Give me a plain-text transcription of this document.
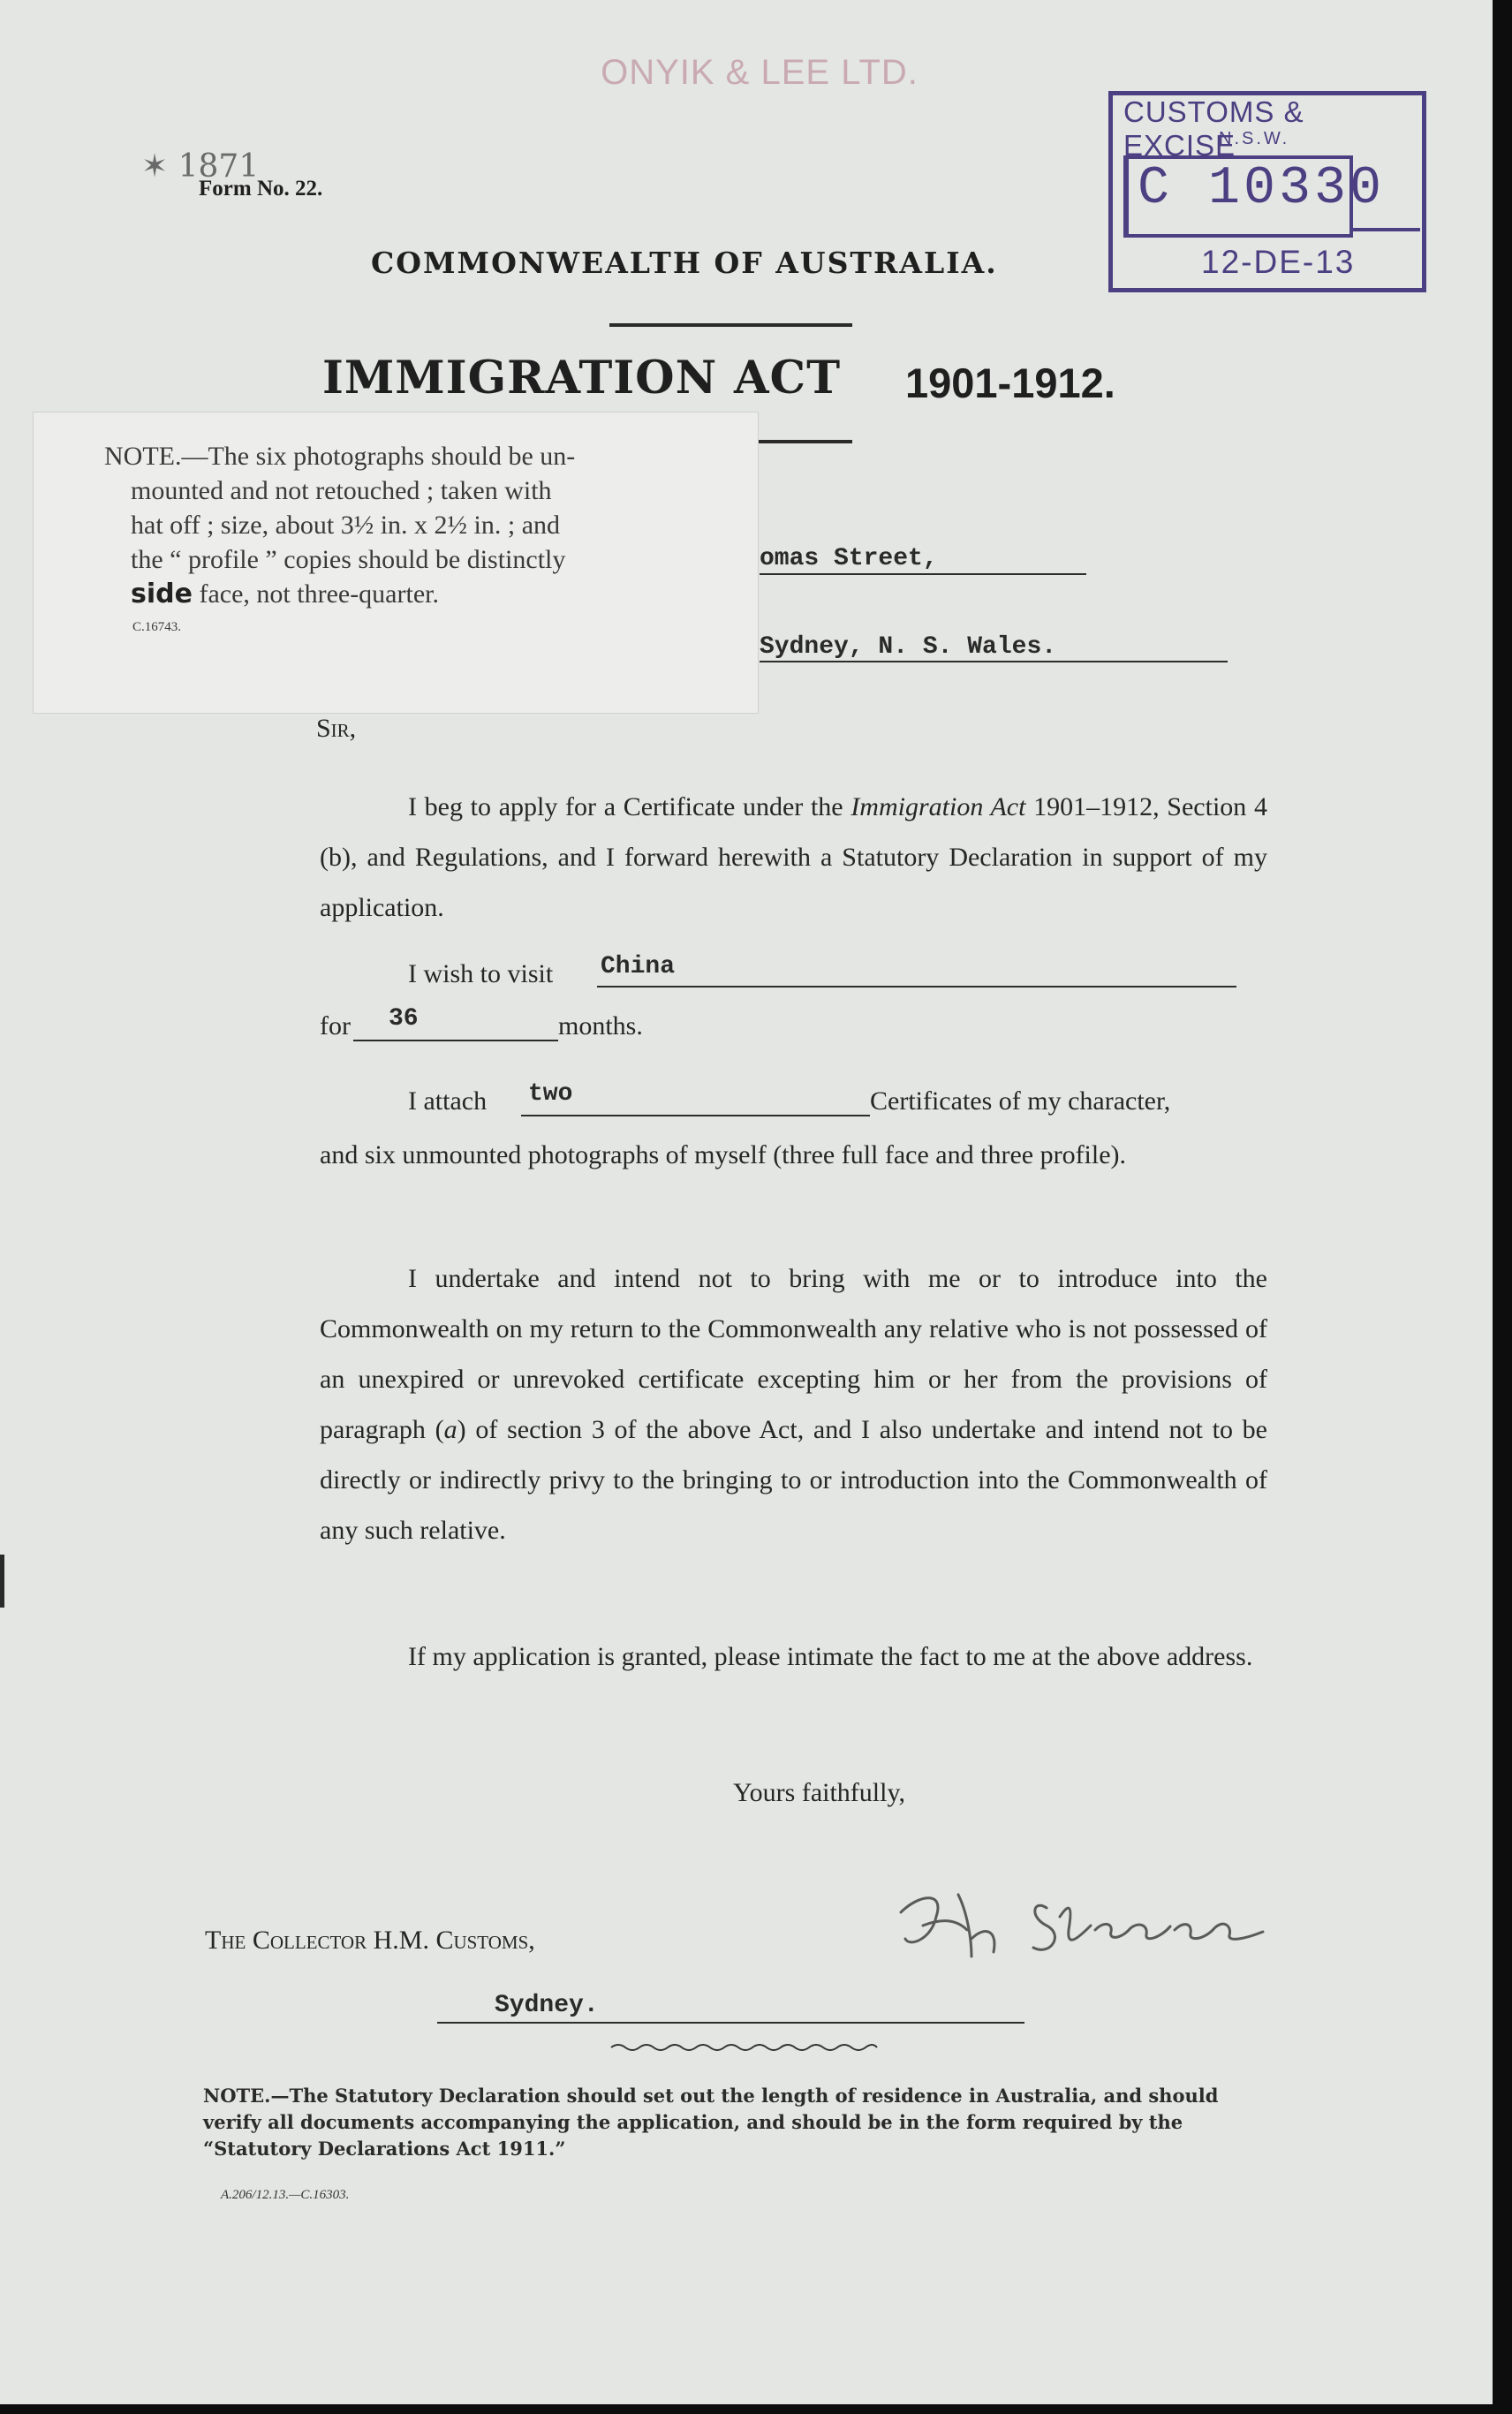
ONYIK & LEE LTD.
✶ 1871
Form No. 22.
COMMONWEALTH OF AUSTRALIA.
IMMIGRATION ACT 1901-1912.
CUSTOMS & EXCISE
N.S.W.
C 10330
12-DE-13
omas Street,
Sydney, N. S. Wales.
NOTE.—The six photographs should be un-
mounted and not retouched ; taken with
hat off ; size, about 3½ in. x 2½ in. ; and
the “ profile ” copies should be distinctly
side face, not three-quarter.
C.16743.
Sir,
I beg to apply for a Certificate under the Immigration Act 1901–1912, Section 4 (b), and Regulations, and I forward herewith a Statutory Declaration in support of my application.
I wish to visit China
for 36	months.
I attach two	Certificates of my character,
and six unmounted photographs of myself (three full face and three profile).
I undertake and intend not to bring with me or to introduce into the Commonwealth on my return to the Commonwealth any relative who is not possessed of an unexpired or unrevoked certificate excepting him or her from the provisions of paragraph (a) of section 3 of the above Act, and I also undertake and intend not to be directly or indirectly privy to the bringing to or introduction into the Commonwealth of any such relative.
If my application is granted, please intimate the fact to me at the above address.
Yours faithfully,
The Collector H.M. Customs,
Sydney.
NOTE.—The Statutory Declaration should set out the length of residence in Australia, and should verify all documents accompanying the application, and should be in the form required by the “Statutory Declarations Act 1911.”
A.206/12.13.—C.16303.
